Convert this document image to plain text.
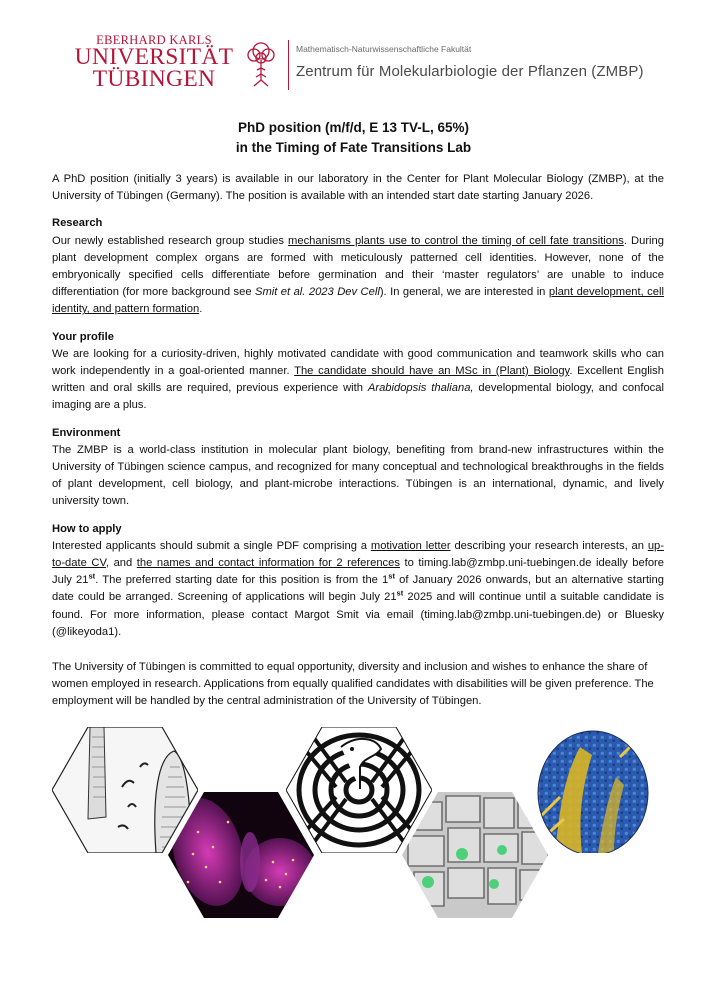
EBERHARD KARLS
UNIVERSITÄT
TÜBINGEN
Mathematisch-Naturwissenschaftliche Fakultät
Zentrum für Molekularbiologie der Pflanzen (ZMBP)
PhD position (m/f/d, E 13 TV-L, 65%)
in the Timing of Fate Transitions Lab

A PhD position (initially 3 years) is available in our laboratory in the Center for Plant Molecular Biology (ZMBP), at the University of Tübingen (Germany). The position is available with an intended start date starting January 2026.

Research

Our newly established research group studies mechanisms plants use to control the timing of cell fate transitions. During plant development complex organs are formed with meticulously patterned cell identities. However, none of the embryonically specified cells differentiate before germination and their ‘master regulators’ are unable to induce differentiation (for more background see Smit et al. 2023 Dev Cell). In general, we are interested in plant development, cell identity, and pattern formation.

Your profile

We are looking for a curiosity-driven, highly motivated candidate with good communication and teamwork skills who can work independently in a goal-oriented manner. The candidate should have an MSc in (Plant) Biology. Excellent English written and oral skills are required, previous experience with Arabidopsis thaliana, developmental biology, and confocal imaging are a plus.

Environment

The ZMBP is a world-class institution in molecular plant biology, benefiting from brand-new infrastructures within the University of Tübingen science campus, and recognized for many conceptual and technological breakthroughs in the fields of plant development, cell biology, and plant-microbe interactions. Tübingen is an international, dynamic, and lively university town.

How to apply

Interested applicants should submit a single PDF comprising a motivation letter describing your research interests, an up-to-date CV, and the names and contact information for 2 references to timing.lab@zmbp.uni-tuebingen.de ideally before July 21st. The preferred starting date for this position is from the 1st of January 2026 onwards, but an alternative starting date could be arranged. Screening of applications will begin July 21st 2025 and will continue until a suitable candidate is found. For more information, please contact Margot Smit via email (timing.lab@zmbp.uni-tuebingen.de) or Bluesky (@likeyoda1).

The University of Tübingen is committed to equal opportunity, diversity and inclusion and wishes to enhance the share of women employed in research. Applications from equally qualified candidates with disabilities will be given preference. The employment will be handled by the central administration of the University of Tübingen.
